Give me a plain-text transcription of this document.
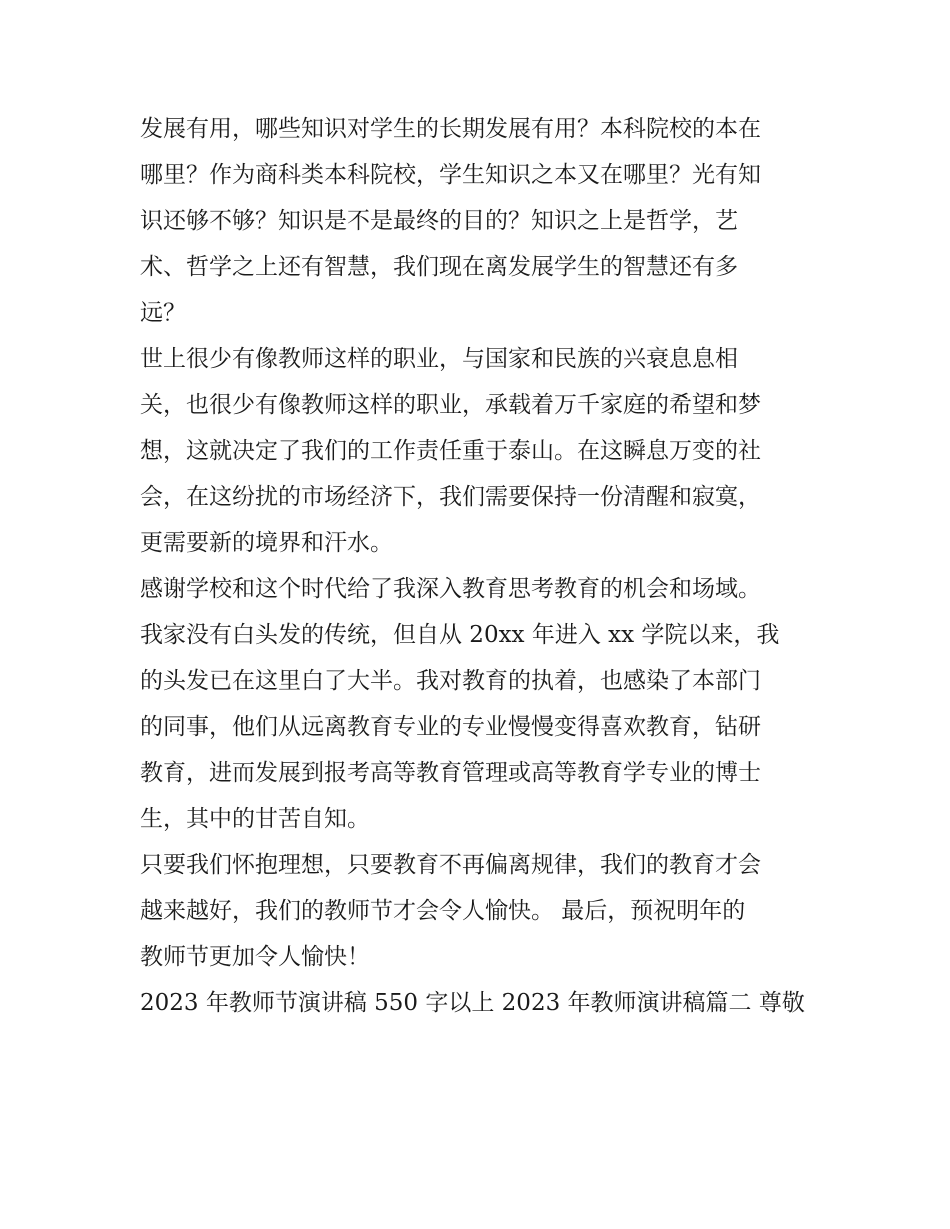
发展有用，哪些知识对学生的长期发展有用？本科院校的本在
哪里？作为商科类本科院校，学生知识之本又在哪里？光有知
识还够不够？知识是不是最终的目的？知识之上是哲学，艺
术、哲学之上还有智慧，我们现在离发展学生的智慧还有多
远？
世上很少有像教师这样的职业，与国家和民族的兴衰息息相
关，也很少有像教师这样的职业，承载着万千家庭的希望和梦
想，这就决定了我们的工作责任重于泰山。在这瞬息万变的社
会，在这纷扰的市场经济下，我们需要保持一份清醒和寂寞，
更需要新的境界和汗水。
感谢学校和这个时代给了我深入教育思考教育的机会和场域。
我家没有白头发的传统，但自从 20xx 年进入 xx 学院以来，我
的头发已在这里白了大半。我对教育的执着，也感染了本部门
的同事，他们从远离教育专业的专业慢慢变得喜欢教育，钻研
教育，进而发展到报考高等教育管理或高等教育学专业的博士
生，其中的甘苦自知。
只要我们怀抱理想，只要教育不再偏离规律，我们的教育才会
越来越好，我们的教师节才会令人愉快。 最后，预祝明年的
教师节更加令人愉快！
2023 年教师节演讲稿 550 字以上 2023 年教师演讲稿篇二 尊敬
